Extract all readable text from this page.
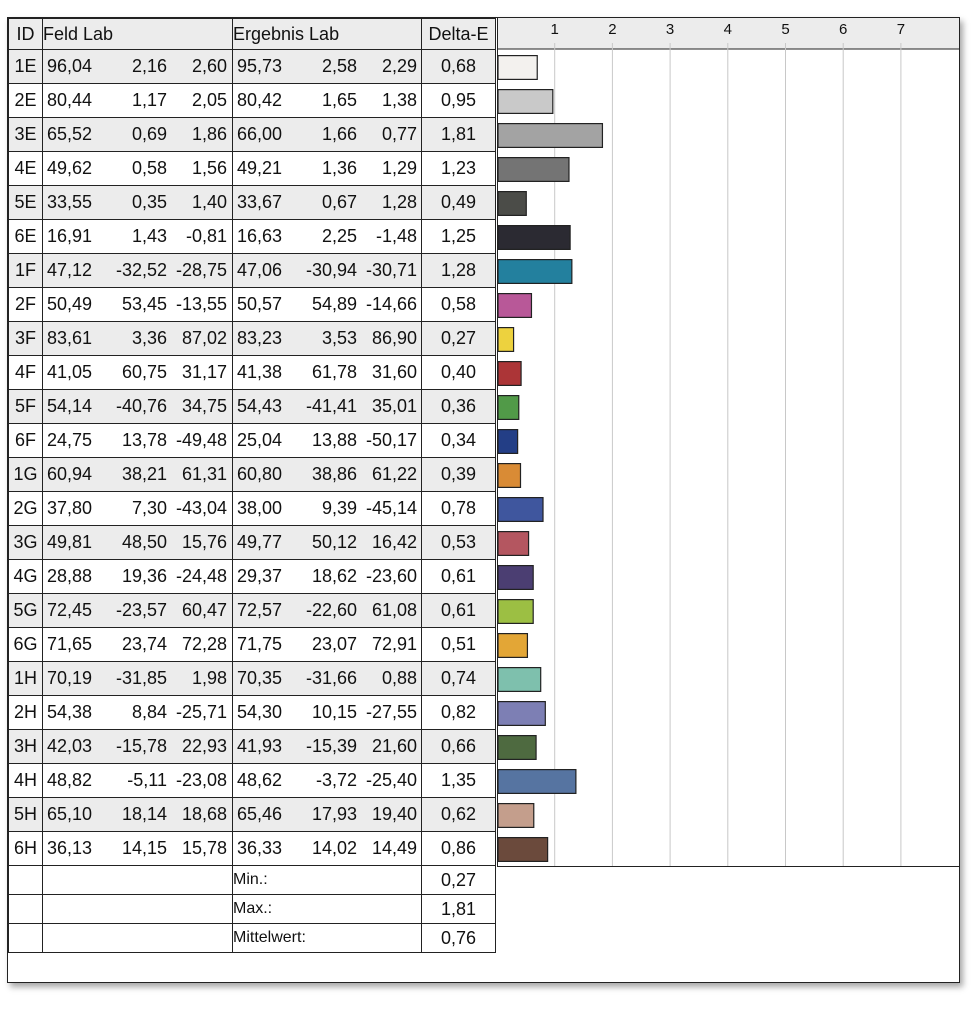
ID	Feld Lab	Ergebnis Lab	Delta-E
1E	96,04 2,16 2,60	95,73 2,58 2,29	0,68
2E	80,44 1,17 2,05	80,42 1,65 1,38	0,95
3E	65,52 0,69 1,86	66,00 1,66 0,77	1,81
4E	49,62 0,58 1,56	49,21 1,36 1,29	1,23
5E	33,55 0,35 1,40	33,67 0,67 1,28	0,49
6E	16,91 1,43 -0,81	16,63 2,25 -1,48	1,25
1F	47,12 -32,52 -28,75	47,06 -30,94 -30,71	1,28
2F	50,49 53,45 -13,55	50,57 54,89 -14,66	0,58
3F	83,61 3,36 87,02	83,23 3,53 86,90	0,27
4F	41,05 60,75 31,17	41,38 61,78 31,60	0,40
5F	54,14 -40,76 34,75	54,43 -41,41 35,01	0,36
6F	24,75 13,78 -49,48	25,04 13,88 -50,17	0,34
1G	60,94 38,21 61,31	60,80 38,86 61,22	0,39
2G	37,80 7,30 -43,04	38,00 9,39 -45,14	0,78
3G	49,81 48,50 15,76	49,77 50,12 16,42	0,53
4G	28,88 19,36 -24,48	29,37 18,62 -23,60	0,61
5G	72,45 -23,57 60,47	72,57 -22,60 61,08	0,61
6G	71,65 23,74 72,28	71,75 23,07 72,91	0,51
1H	70,19 -31,85 1,98	70,35 -31,66 0,88	0,74
2H	54,38 8,84 -25,71	54,30 10,15 -27,55	0,82
3H	42,03 -15,78 22,93	41,93 -15,39 21,60	0,66
4H	48,82 -5,11 -23,08	48,62 -3,72 -25,40	1,35
5H	65,10 18,14 18,68	65,46 17,93 19,40	0,62
6H	36,13 14,15 15,78	36,33 14,02 14,49	0,86
		Min.:	0,27
		Max.:	1,81
		Mittelwert:	0,76
1	2	3	4	5	6	7
